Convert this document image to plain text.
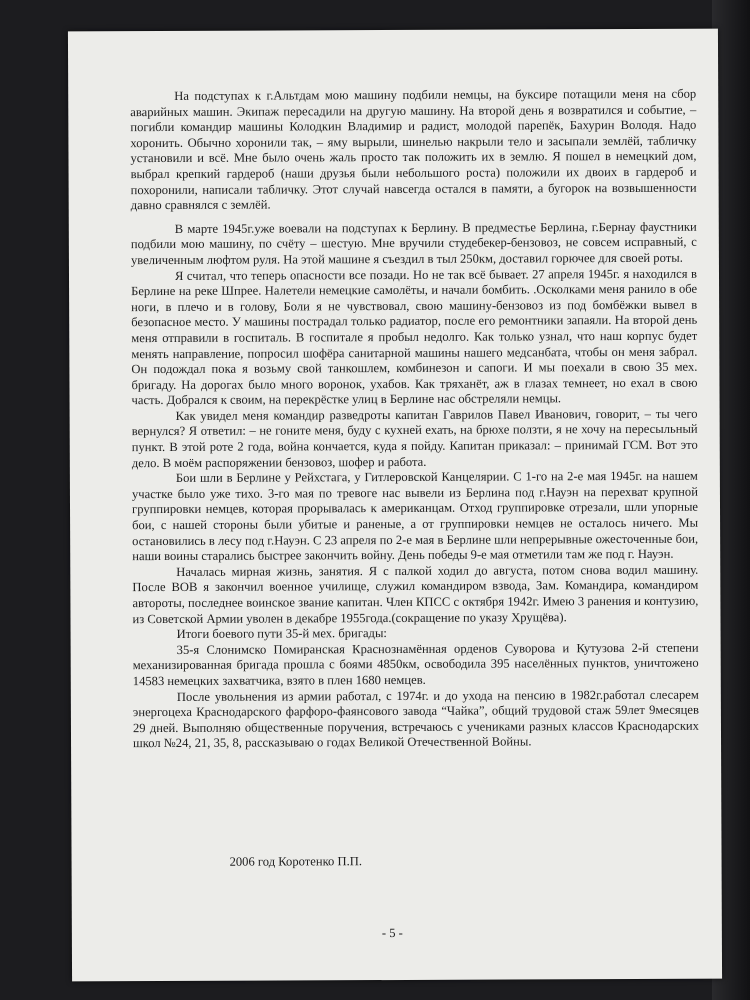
На подступах к г.Альтдам мою машину подбили немцы, на буксире потащили меня на сбор аварийных машин. Экипаж пересадили на другую машину. На второй день я возвратился и событие, – погибли командир машины Колодкин Владимир и радист, молодой парепёк, Бахурин Володя. Надо хоронить. Обычно хоронили так, – яму вырыли, шинелью накрыли тело и засыпали землёй, табличку установили и всё. Мне было очень жаль просто так положить их в землю. Я пошел в немецкий дом, выбрал крепкий гардероб (наши друзья были небольшого роста) положили их двоих в гардероб и похоронили, написали табличку. Этот случай навсегда остался в памяти, а бугорок на возвышенности давно сравнялся с землёй.

В марте 1945г.уже воевали на подступах к Берлину. В предместье Берлина, г.Бернау фаустники подбили мою машину, по счёту – шестую. Мне вручили студебекер-бензовоз, не совсем исправный, с увеличенным люфтом руля. На этой машине я съездил в тыл 250км, доставил горючее для своей роты.

Я считал, что теперь опасности все позади. Но не так всё бывает. 27 апреля 1945г. я находился в Берлине на реке Шпрее. Налетели немецкие самолёты, и начали бомбить. .Осколками меня ранило в обе ноги, в плечо и в голову, Боли я не чувствовал, свою машину-бензовоз из под бомбёжки вывел в безопасное место. У машины пострадал только радиатор, после его ремонтники запаяли. На второй день меня отправили в госпиталь. В госпитале я пробыл недолго. Как только узнал, что наш корпус будет менять направление, попросил шофёра санитарной машины нашего медсанбата, чтобы он меня забрал. Он подождал пока я возьму свой танкошлем, комбинезон и сапоги. И мы поехали в свою 35 мех. бригаду. На дорогах было много воронок, ухабов. Как тряханёт, аж в глазах темнеет, но ехал в свою часть. Добрался к своим, на перекрёстке улиц в Берлине нас обстреляли немцы.

Как увидел меня командир разведроты капитан Гаврилов Павел Иванович, говорит, – ты чего вернулся? Я ответил: – не гоните меня, буду с кухней ехать, на брюхе ползти, я не хочу на пересыльный пункт. В этой роте 2 года, война кончается, куда я пойду. Капитан приказал: – принимай ГСМ. Вот это дело. В моём распоряжении бензовоз, шофер и работа.

Бои шли в Берлине у Рейхстага, у Гитлеровской Канцелярии. С 1-го на 2-е мая 1945г. на нашем участке было уже тихо. 3-го мая по тревоге нас вывели из Берлина под г.Науэн на перехват крупной группировки немцев, которая прорывалась к американцам. Отход группировке отрезали, шли упорные бои, с нашей стороны были убитые и раненые, а от группировки немцев не осталось ничего. Мы остановились в лесу под г.Науэн. С 23 апреля по 2-е мая в Берлине шли непрерывные ожесточенные бои, наши воины старались быстрее закончить войну. День победы 9-е мая отметили там же под г. Науэн.

Началась мирная жизнь, занятия. Я с палкой ходил до августа, потом снова водил машину. После ВОВ я закончил военное училище, служил командиром взвода, Зам. Командира, командиром автороты, последнее воинское звание капитан. Член КПСС с октября 1942г. Имею 3 ранения и контузию, из Советской Армии уволен в декабре 1955года.(сокращение по указу Хрущёва).

Итоги боевого пути 35-й мех. бригады:

35-я Слонимско Помиранская Краснознамённая орденов Суворова и Кутузова 2-й степени механизированная бригада прошла с боями 4850км, освободила 395 населённых пунктов, уничтожено 14583 немецких захватчика, взято в плен 1680 немцев.

После увольнения из армии работал, с 1974г. и до ухода на пенсию в 1982г.работал слесарем энергоцеха Краснодарского фарфоро-фаянсового завода “Чайка”, общий трудовой стаж 59лет 9месяцев 29 дней. Выполняю общественные поручения, встречаюсь с учениками разных классов Краснодарских школ №24, 21, 35, 8, рассказываю о годах Великой Отечественной Войны.

2006 год Коротенко П.П.
- 5 -
